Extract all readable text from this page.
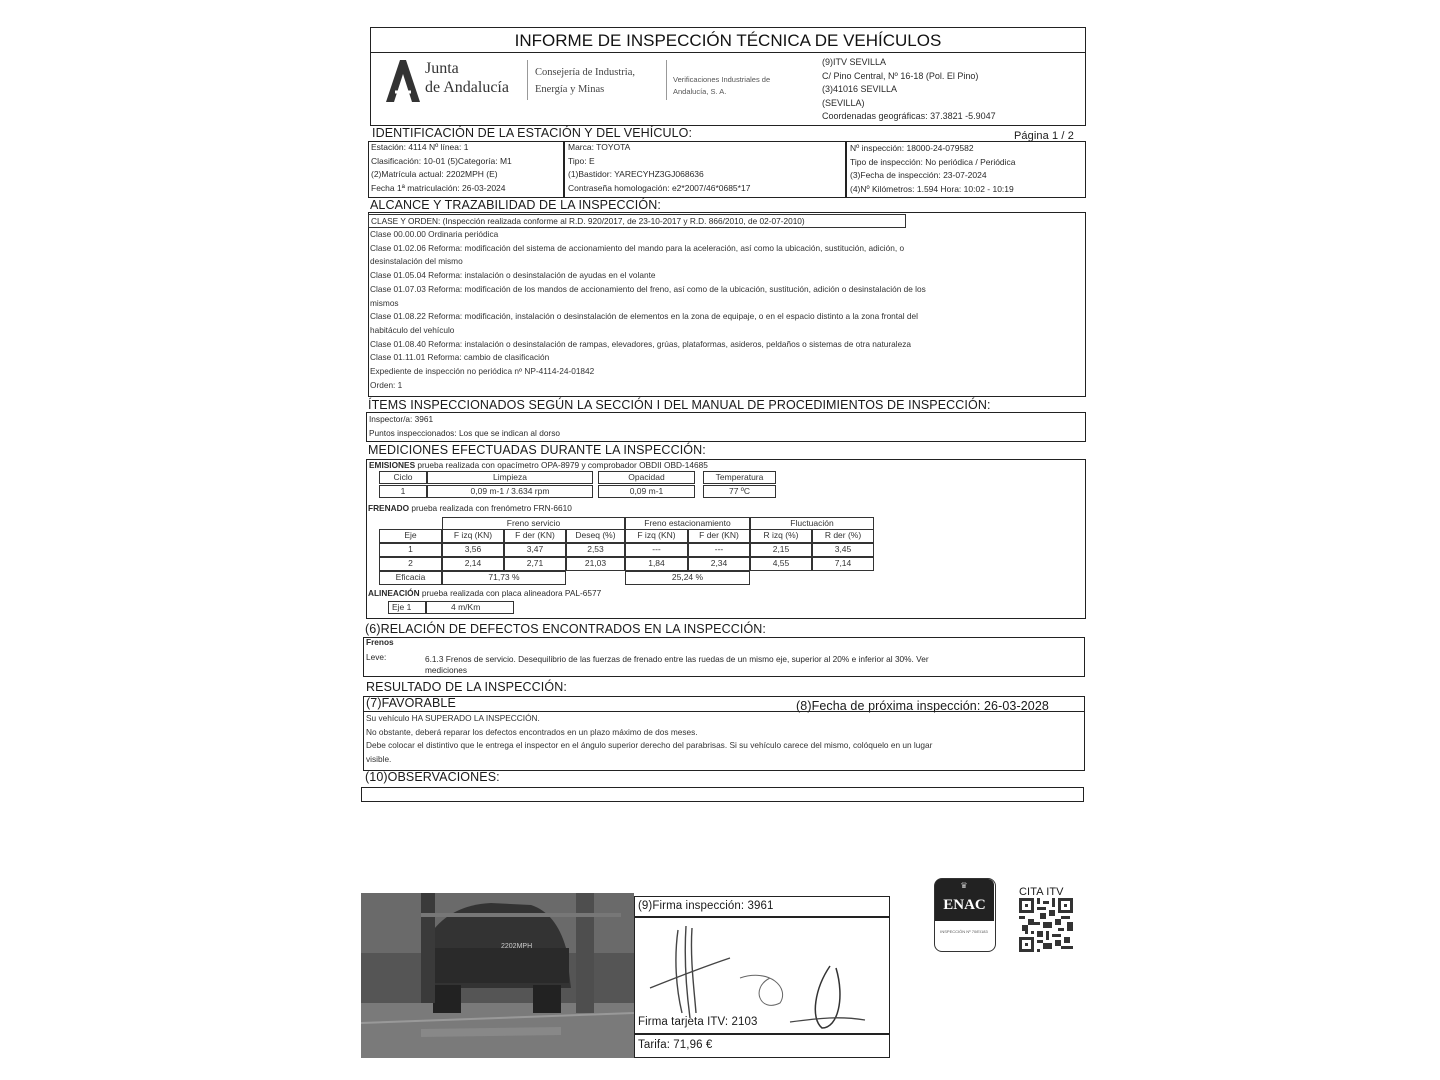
INFORME DE INSPECCIÓN TÉCNICA DE VEHÍCULOS
Junta
de Andalucía
Consejería de Industria,
Energía y Minas
Verificaciones Industriales de
Andalucía, S. A.
(9)ITV SEVILLA
C/ Pino Central, Nº 16-18 (Pol. El Pino)
(3)41016 SEVILLA
(SEVILLA)
Coordenadas geográficas: 37.3821 -5.9047
IDENTIFICACIÓN DE LA ESTACIÓN Y DEL VEHÍCULO:	Página 1 / 2
Estación: 4114 Nº línea: 1
Clasificación: 10-01 (5)Categoría: M1
(2)Matrícula actual: 2202MPH (E)
Fecha 1ª matriculación: 26-03-2024
Marca: TOYOTA
Tipo: E
(1)Bastidor: YARECYHZ3GJ068636
Contraseña homologación: e2*2007/46*0685*17
Nº inspección: 18000-24-079582
Tipo de inspección: No periódica / Periódica
(3)Fecha de inspección: 23-07-2024
(4)Nº Kilómetros: 1.594 Hora: 10:02 - 10:19
ALCANCE Y TRAZABILIDAD DE LA INSPECCIÓN:
CLASE Y ORDEN: (Inspección realizada conforme al R.D. 920/2017, de 23-10-2017 y R.D. 866/2010, de 02-07-2010)
Clase 00.00.00 Ordinaria periódica
Clase 01.02.06 Reforma: modificación del sistema de accionamiento del mando para la aceleración, así como la ubicación, sustitución, adición, o
desinstalación del mismo
Clase 01.05.04 Reforma: instalación o desinstalación de ayudas en el volante
Clase 01.07.03 Reforma: modificación de los mandos de accionamiento del freno, así como de la ubicación, sustitución, adición o desinstalación de los
mismos
Clase 01.08.22 Reforma: modificación, instalación o desinstalación de elementos en la zona de equipaje, o en el espacio distinto a la zona frontal del
habitáculo del vehículo
Clase 01.08.40 Reforma: instalación o desinstalación de rampas, elevadores, grúas, plataformas, asideros, peldaños o sistemas de otra naturaleza
Clase 01.11.01 Reforma: cambio de clasificación
Expediente de inspección no periódica nº NP-4114-24-01842
Orden: 1
ÍTEMS INSPECCIONADOS SEGÚN LA SECCIÓN I DEL MANUAL DE PROCEDIMIENTOS DE INSPECCIÓN:
Inspector/a: 3961
Puntos inspeccionados: Los que se indican al dorso
MEDICIONES EFECTUADAS DURANTE LA INSPECCIÓN:
EMISIONES prueba realizada con opacímetro OPA-8979 y comprobador OBDII OBD-14685
Ciclo	Limpieza	Opacidad	Temperatura
1	0,09 m-1 / 3.634 rpm	0,09 m-1	77 ºC
FRENADO prueba realizada con frenómetro FRN-6610
Freno servicio	Freno estacionamiento	Fluctuación
Eje	F izq (KN)	F der (KN)	Deseq (%)	F izq (KN)	F der (KN)	R izq (%)	R der (%)
1	3,56	3,47	2,53	---	---	2,15	3,45
2	2,14	2,71	21,03	1,84	2,34	4,55	7,14
Eficacia	71,73 %	25,24 %
ALINEACIÓN prueba realizada con placa alineadora PAL-6577
Eje 1	4 m/Km
(6)RELACIÓN DE DEFECTOS ENCONTRADOS EN LA INSPECCIÓN:
Frenos
Leve:	6.1.3 Frenos de servicio. Desequilibrio de las fuerzas de frenado entre las ruedas de un mismo eje, superior al 20% e inferior al 30%. Ver
mediciones
RESULTADO DE LA INSPECCIÓN:
(7)FAVORABLE	(8)Fecha de próxima inspección: 26-03-2028
Su vehículo HA SUPERADO LA INSPECCIÓN.
No obstante, deberá reparar los defectos encontrados en un plazo máximo de dos meses.
Debe colocar el distintivo que le entrega el inspector en el ángulo superior derecho del parabrisas. Si su vehículo carece del mismo, colóquelo en un lugar
visible.
(10)OBSERVACIONES:
2202MPH
(9)Firma inspección: 3961
Firma tarjeta ITV: 2103
Tarifa: 71,96 €
♛
ENAC
INSPECCIÓN Nº 70/EI183
CITA ITV
